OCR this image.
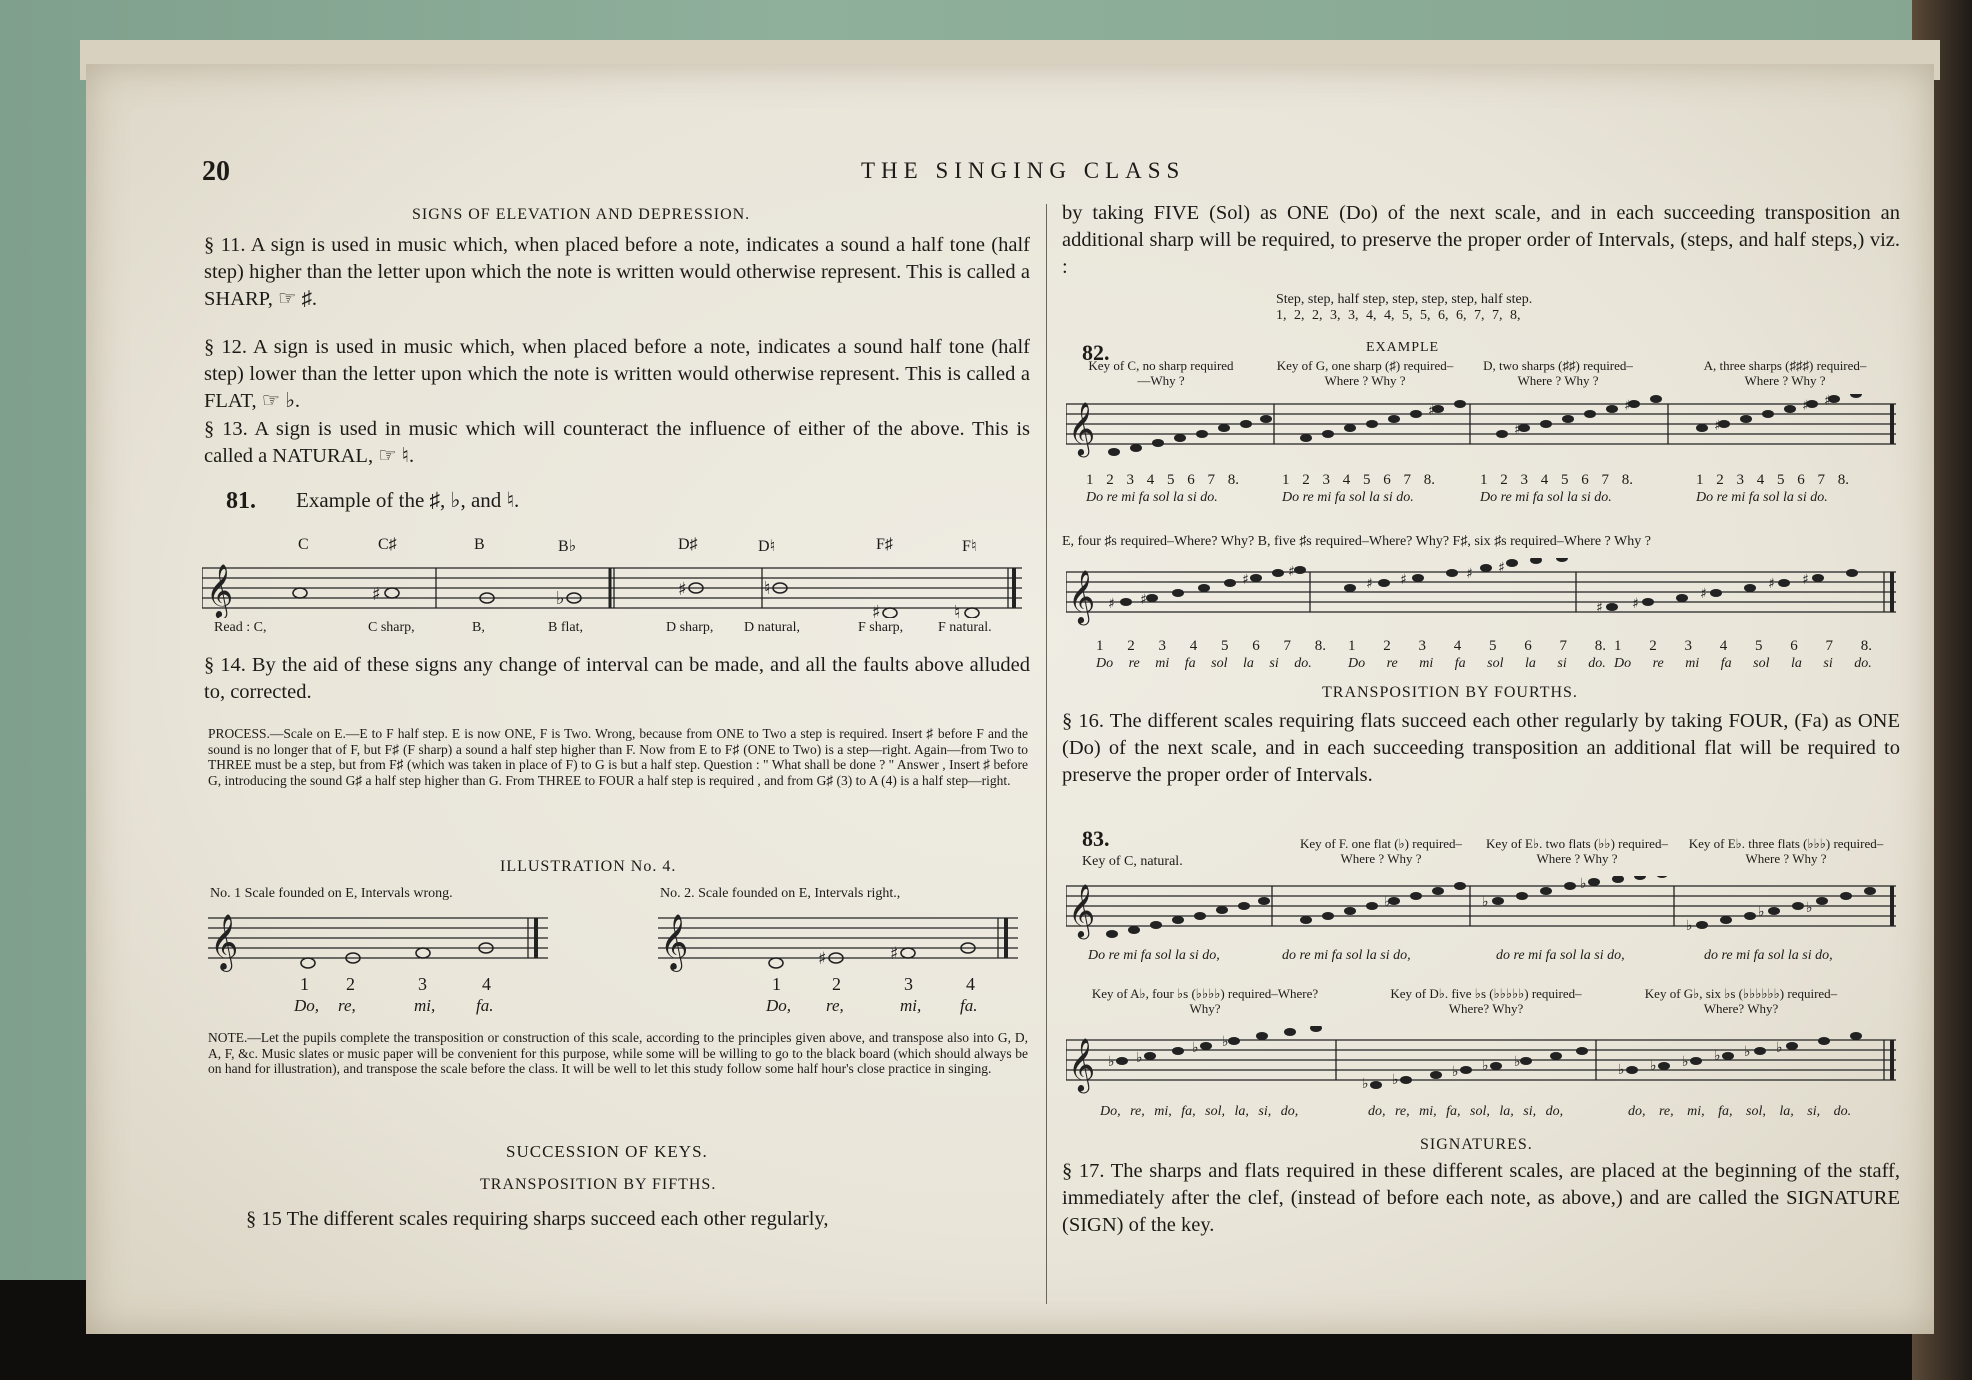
20	THE SINGING CLASS
SIGNS OF ELEVATION AND DEPRESSION.
§ 11. A sign is used in music which, when placed before a note, indicates a sound a half tone (half step) higher than the letter upon which the note is written would otherwise represent. This is called a SHARP, ☞ ♯.
§ 12. A sign is used in music which, when placed before a note, indicates a sound half tone (half step) lower than the letter upon which the note is written would otherwise represent. This is called a FLAT, ☞ ♭.
§ 13. A sign is used in music which will counteract the influence of either of the above. This is called a NATURAL, ☞ ♮.
81. Example of the ♯, ♭, and ♮.
C	C♯	B	B♭	D♯	D♮	F♯	F♮
𝄞	♯	♭	♯	♮
♯	♮
Read : C,	C sharp,	B,	B flat,	D sharp, D natural,	F sharp, F natural.
§ 14. By the aid of these signs any change of interval can be made, and all the faults above alluded to, corrected.
PROCESS.—Scale on E.—E to F half step. E is now ONE, F is Two. Wrong, because from ONE to Two a step is required. Insert ♯ before F and the sound is no longer that of F, but F♯ (F sharp) a sound a half step higher than F. Now from E to F♯ (ONE to Two) is a step—right. Again—from Two to THREE must be a step, but from F♯ (which was taken in place of F) to G is but a half step. Question : " What shall be done ? " Answer , Insert ♯ before G, introducing the sound G♯ a half step higher than G. From THREE to FOUR a half step is required , and from G♯ (3) to A (4) is a half step—right.
ILLUSTRATION No. 4.
No. 1 Scale founded on E, Intervals wrong.	No. 2. Scale founded on E, Intervals right.,
𝄞	𝄞	♯	♯
1 2	3	4	1	2	3	4
Do, re,	mi, fa.	Do, re,	mi, fa.
NOTE.—Let the pupils complete the transposition or construction of this scale, according to the principles given above, and transpose also into G, D, A, F, &c. Music slates or music paper will be convenient for this purpose, while some will be willing to go to the black board (which should always be on hand for illustration), and transpose the scale before the class. It will be well to let this study follow some half hour's close practice in singing.
SUCCESSION OF KEYS.
TRANSPOSITION BY FIFTHS.
§ 15 The different scales requiring sharps succeed each other regularly,
by taking FIVE (Sol) as ONE (Do) of the next scale, and in each succeeding transposition an additional sharp will be required, to preserve the proper order of Intervals, (steps, and half steps,) viz. :
Step, step, half step, step, step, step, half step.
1, 2, 2, 3, 3, 4, 4, 5, 5, 6, 6, 7, 7, 8,
82.	EXAMPLE
Key of C, no sharp required—Why ?
Key of G, one sharp (♯) required–Where ? Why ?
D, two sharps (♯♯) required–Where ? Why ?
A, three sharps (♯♯♯) required–Where ? Why ?
𝄞	♯
♯
♯
♯
♯ ♯
1 2 3 4 5 6 7 8.	1 2 3 4 5 6 7 8.	1 2 3 4 5 6 7 8.	1 2 3 4 5 6 7 8.
Do re mi fa sol la si do.	Do re mi fa sol la si do.	Do re mi fa sol la si do.	Do re mi fa sol la si do.
E, four ♯s required–Where? Why? B, five ♯s required–Where? Why? F♯, six ♯s required–Where ? Why ?
𝄞 ♯ ♯
♯	♯
♯ ♯	♯ ♯
♯ ♯
♯
♯ ♯
1 2 3 4 5 6 7 8. 1 2 3 4 5 6 7 8. 1 2 3 4 5 6 7 8.
Do re mi fa sol la si do.	Do re mi fa sol la si do. Do re mi fa sol la si do.
TRANSPOSITION BY FOURTHS.
§ 16. The different scales requiring flats succeed each other regularly by taking FOUR, (Fa) as ONE (Do) of the next scale, and in each succeeding transposition an additional flat will be required to preserve the proper order of Intervals.
83.
Key of C, natural.
Key of F. one flat (♭) required–Where ? Why ?
Key of E♭. two flats (♭♭) required–Where ? Why ?
Key of E♭. three flats (♭♭♭) required–Where ? Why ?
𝄞	♭	♭
♭
♭
♭	♭
Do re mi fa sol la si do,	do re mi fa sol la si do,	do re mi fa sol la si do,	do re mi fa sol la si do,
Key of A♭, four ♭s (♭♭♭♭) required–Where? Why?
Key of D♭. five ♭s (♭♭♭♭♭) required–Where? Why?
Key of G♭, six ♭s (♭♭♭♭♭♭) required–Where? Why?
𝄞 ♭ ♭
♭ ♭
♭ ♭	♭ ♭ ♭	♭ ♭ ♭ ♭ ♭ ♭
Do, re, mi, fa, sol, la, si, do,	do, re, mi, fa, sol, la, si, do,	do, re, mi, fa, sol, la, si, do.
SIGNATURES.
§ 17. The sharps and flats required in these different scales, are placed at the beginning of the staff, immediately after the clef, (instead of before each note, as above,) and are called the SIGNATURE (SIGN) of the key.
